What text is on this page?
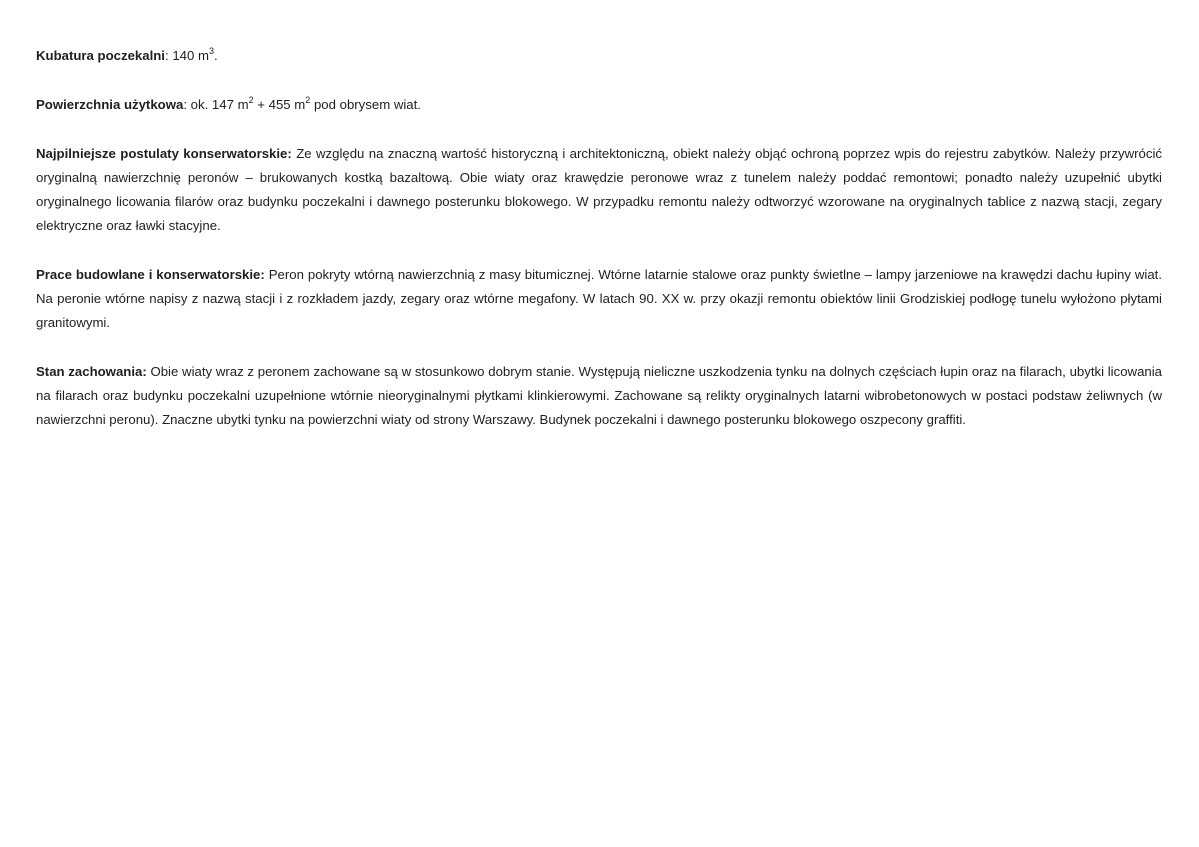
Kubatura poczekalni: 140 $m^3$.

Powierzchnia użytkowa: ok. 147 $m^2 + 455$ $m^2$ pod obrysem wiat.

Najpilniejsze postulaty konserwatorskie: Ze względu na znaczną wartość historyczną i architektoniczną, obiekt należy objąć ochroną poprzez wpis do rejestru zabytków. Należy przywrócić oryginalną nawierzchnię peronów – brukowanych kostką bazaltową. Obie wiaty oraz krawędzie peronowe wraz z tunelem należy poddać remontowi; ponadto należy uzupełnić ubytki oryginalnego licowania filarów oraz budynku poczekalni i dawnego posterunku blokowego. W przypadku remontu należy odtworzyć wzorowane na oryginalnych tablice z nazwą stacji, zegary elektryczne oraz ławki stacyjne.

Prace budowlane i konserwatorskie: Peron pokryty wtórną nawierzchnią z masy bitumicznej. Wtórne latarnie stalowe oraz punkty świetlne – lampy jarzeniowe na krawędzi dachu łupiny wiat. Na peronie wtórne napisy z nazwą stacji i z rozkładem jazdy, zegary oraz wtórne megafony. W latach 90. XX w. przy okazji remontu obiektów linii Grodziskiej podłogę tunelu wyłożono płytami granitowymi.

Stan zachowania: Obie wiaty wraz z peronem zachowane są w stosunkowo dobrym stanie. Występują nieliczne uszkodzenia tynku na dolnych częściach łupin oraz na filarach, ubytki licowania na filarach oraz budynku poczekalni uzupełnione wtórnie nieoryginalnymi płytkami klinkierowymi. Zachowane są relikty oryginalnych latarni wibrobetonowych w postaci podstaw żeliwnych (w nawierzchni peronu). Znaczne ubytki tynku na powierzchni wiaty od strony Warszawy. Budynek poczekalni i dawnego posterunku blokowego oszpecony graffiti.
